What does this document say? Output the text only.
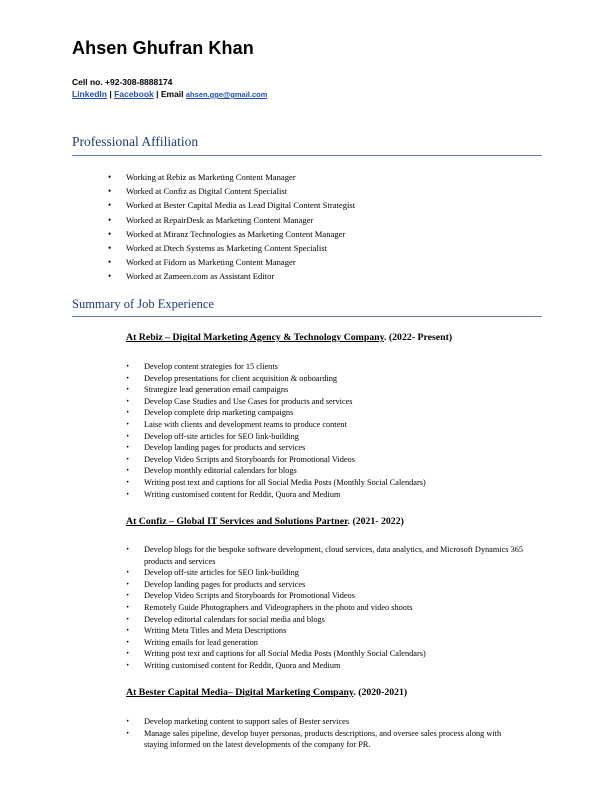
Ahsen Ghufran Khan
Cell no. +92-308-8888174
LinkedIn | Facebook | Email ahsen.gge@gmail.com
Professional Affiliation
• Working at Rebiz as Marketing Content Manager
• Worked at Confiz as Digital Content Specialist
• Worked at Bester Capital Media as Lead Digital Content Strategist
• Worked at RepairDesk as Marketing Content Manager
• Worked at Miranz Technologies as Marketing Content Manager
• Worked at Dtech Systems as Marketing Content Specialist
• Worked at Fidorn as Marketing Content Manager
• Worked at Zameen.com as Assistant Editor
Summary of Job Experience
At Rebiz – Digital Marketing Agency & Technology Company. (2022- Present)
· Develop content strategies for 15 clients
· Develop presentations for client acquisition & onboarding
· Strategize lead generation email campaigns
· Develop Case Studies and Use Cases for products and services
· Develop complete drip marketing campaigns
· Laise with clients and development teams to produce content
· Develop off-site articles for SEO link-building
· Develop landing pages for products and services
· Develop Video Scripts and Storyboards for Promotional Videos
· Develop monthly editorial calendars for blogs
· Writing post text and captions for all Social Media Posts (Monthly Social Calendars)
· Writing customised content for Reddit, Quora and Medium
At Confiz – Global IT Services and Solutions Partner. (2021- 2022)
· Develop blogs for the bespoke software development, cloud services, data analytics, and Microsoft Dynamics 365 products and services
· Develop off-site articles for SEO link-building
· Develop landing pages for products and services
· Develop Video Scripts and Storyboards for Promotional Videos
· Remotely Guide Photographers and Videographers in the photo and video shoots
· Develop editorial calendars for social media and blogs
· Writing Meta Titles and Meta Descriptions
· Writing emails for lead generation
· Writing post text and captions for all Social Media Posts (Monthly Social Calendars)
· Writing customised content for Reddit, Quora and Medium
At Bester Capital Media– Digital Marketing Company. (2020-2021)
· Develop marketing content to support sales of Bester services
· Manage sales pipeline, develop buyer personas, products descriptions, and oversee sales process along with staying informed on the latest developments of the company for PR.
